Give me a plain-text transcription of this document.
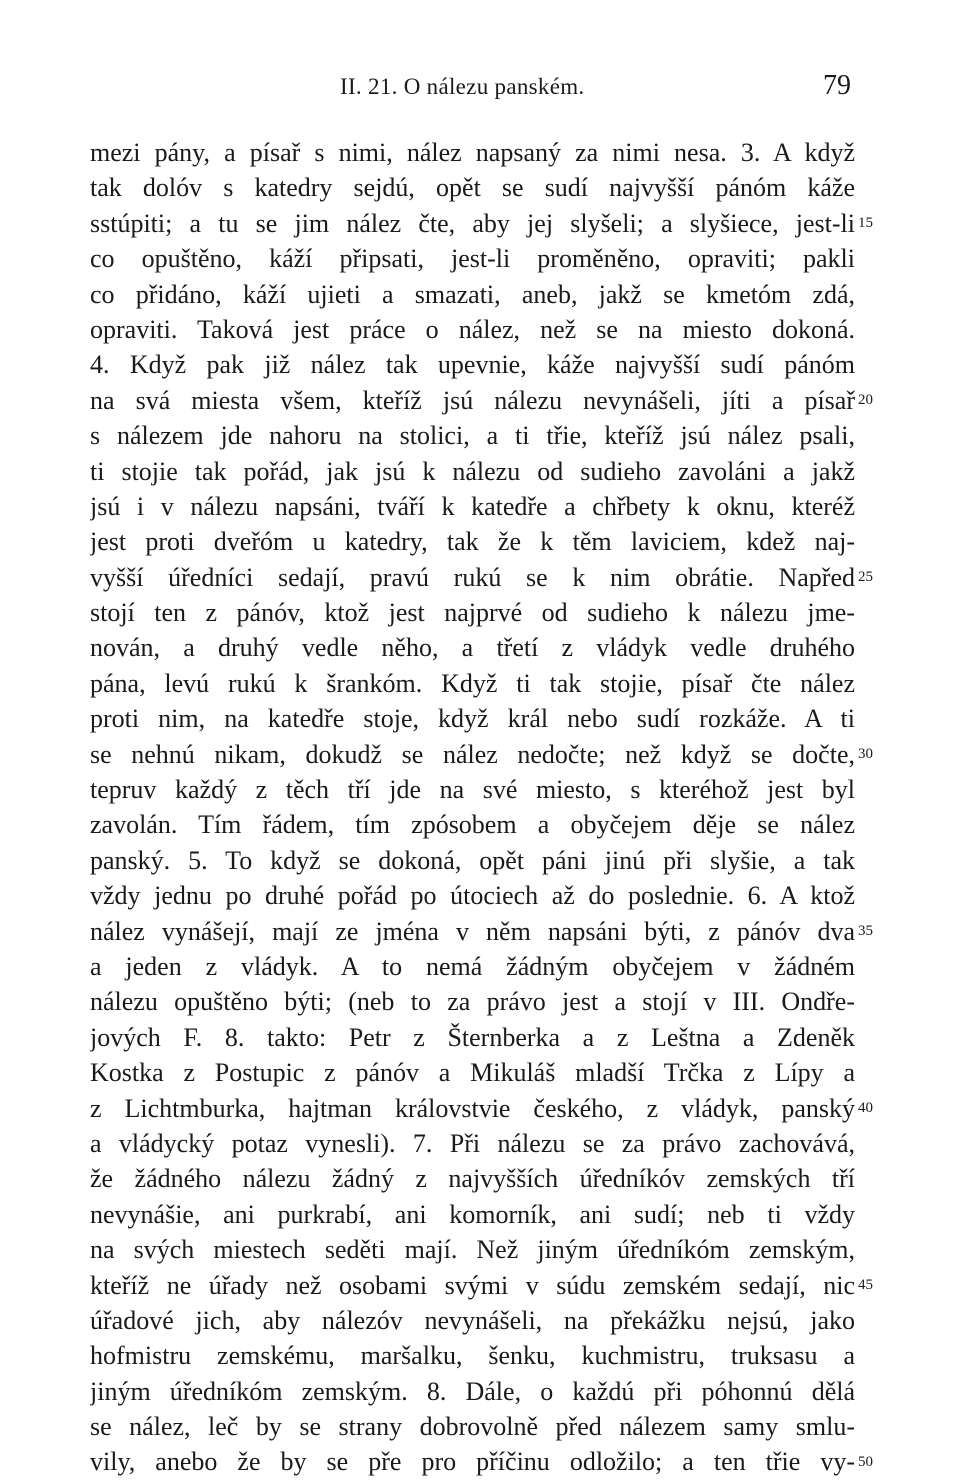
II. 21. O nálezu panském.	79
mezi pány, a písař s nimi, nález napsaný za nimi nesa. 3. A když
tak dolóv s katedry sejdú, opět se sudí najvyšší pánóm káže
sstúpiti; a tu se jim nález čte, aby jej slyšeli; a slyšiece, jest-li
co opuštěno, káží připsati, jest-li proměněno, opraviti; pakli
co přidáno, káží ujieti a smazati, aneb, jakž se kmetóm zdá,
opraviti. Taková jest práce o nález, než se na miesto dokoná.
4. Když pak již nález tak upevnie, káže najvyšší sudí pánóm
na svá miesta všem, kteříž jsú nálezu nevynášeli, jíti a písař
s nálezem jde nahoru na stolici, a ti třie, kteříž jsú nález psali,
ti stojie tak pořád, jak jsú k nálezu od sudieho zavoláni a jakž
jsú i v nálezu napsáni, tváří k katedře a chřbety k oknu, kteréž
jest proti dveřóm u katedry, tak že k těm laviciem, kdež naj-
vyšší úředníci sedají, pravú rukú se k nim obrátie. Napřed
stojí ten z pánóv, ktož jest najprvé od sudieho k nálezu jme-
nován, a druhý vedle něho, a třetí z vládyk vedle druhého
pána, levú rukú k šrankóm. Když ti tak stojie, písař čte nález
proti nim, na katedře stoje, když král nebo sudí rozkáže. A ti
se nehnú nikam, dokudž se nález nedočte; než když se dočte,
tepruv každý z těch tří jde na své miesto, s kteréhož jest byl
zavolán. Tím řádem, tím zpósobem a obyčejem děje se nález
panský. 5. To když se dokoná, opět páni jinú při slyšie, a tak
vždy jednu po druhé pořád po útociech až do poslednie. 6. A ktož
nález vynášejí, mají ze jména v něm napsáni býti, z pánóv dva
a jeden z vládyk. A to nemá žádným obyčejem v žádném
nálezu opuštěno býti; (neb to za právo jest a stojí v III. Ondře-
jových F. 8. takto: Petr z Šternberka a z Leštna a Zdeněk
Kostka z Postupic z pánóv a Mikuláš mladší Trčka z Lípy a
z Lichtmburka, hajtman královstvie českého, z vládyk, panský
a vládycký potaz vynesli). 7. Při nálezu se za právo zachovává,
že žádného nálezu žádný z najvyšších úředníkóv zemských tří
nevynášie, ani purkrabí, ani komorník, ani sudí; neb ti vždy
na svých miestech seděti mají. Než jiným úředníkóm zemským,
kteříž ne úřady než osobami svými v súdu zemském sedají, nic
úřadové jich, aby nálezóv nevynášeli, na překážku nejsú, jako
hofmistru zemskému, maršalku, šenku, kuchmistru, truksasu a
jiným úředníkóm zemským. 8. Dále, o každú při póhonnú dělá
se nález, leč by se strany dobrovolně před nálezem samy smlu-
vily, anebo že by se pře pro příčinu odložilo; a ten třie vy-
15
20
25
30
35
40
45
50
